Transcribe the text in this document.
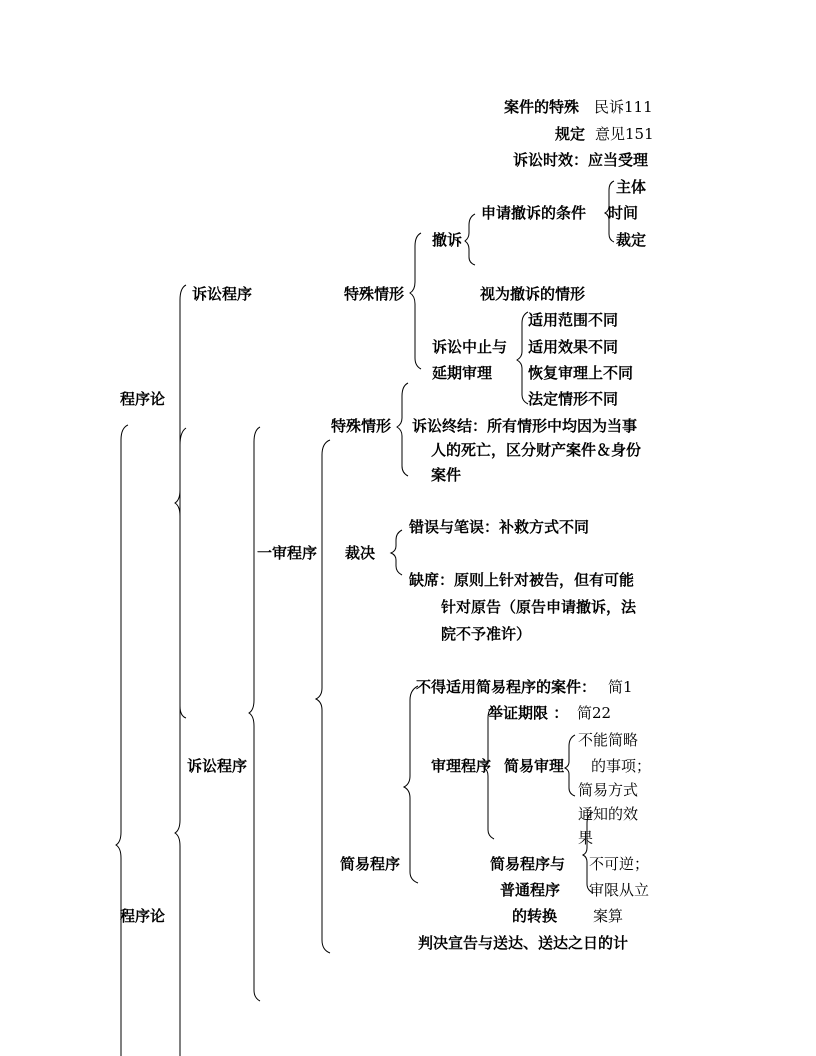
案件的特殊 民诉111
规定 意见151
诉讼时效：应当受理
程序论
程序论
诉讼程序
诉讼程序
一审程序
特殊情形
特殊情形
裁决
简易程序
撤诉
申请撤诉的条件
主体
时间
裁定
视为撤诉的情形
诉讼中止与
延期审理
适用范围不同
适用效果不同
恢复审理上不同
法定情形不同
诉讼终结：所有情形中均因为当事
人的死亡，区分财产案件＆身份
案件
错误与笔误：补救方式不同
缺席：原则上针对被告，但有可能
针对原告（原告申请撤诉，法
院不予准许）
不得适用简易程序的案件： 简1
举证期限 ： 简22
审理程序 简易审理
不能简略
的事项；
简易方式
通知的效
果
简易程序与
普通程序
的转换
不可逆；
审限从立
案算
判决宣告与送达、送达之日的计
